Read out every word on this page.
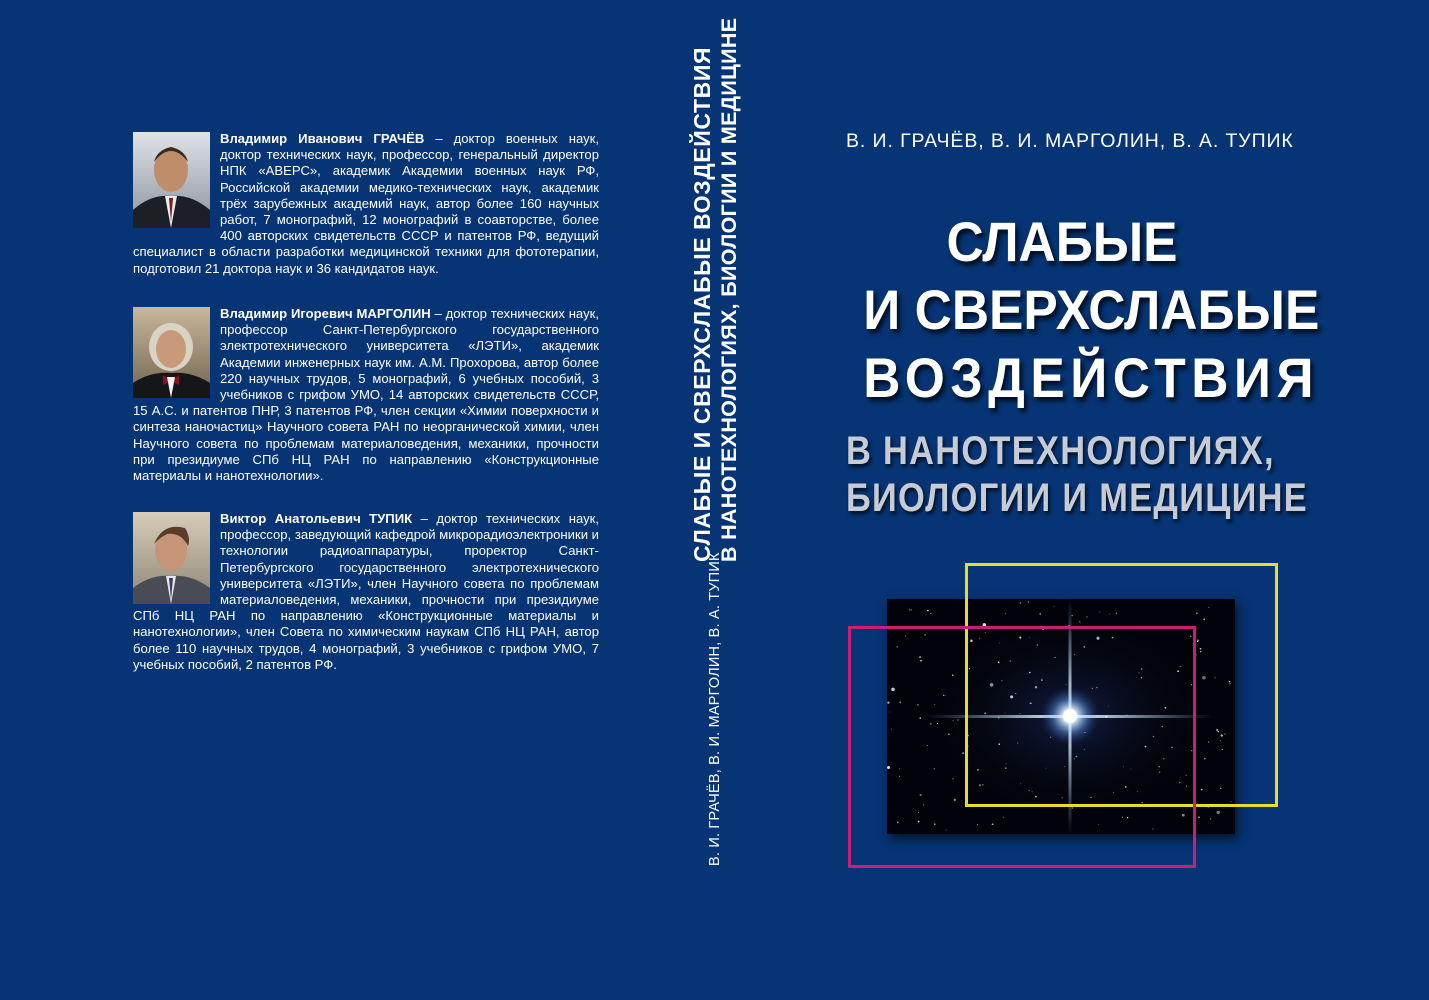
Владимир Иванович ГРАЧЁВ – доктор военных наук, доктор технических наук, профессор, генеральный директор НПК «АВЕРС», академик Академии военных наук РФ, Российской академии медико-технических наук, академик трёх зарубежных академий наук, автор более 160 научных работ, 7 монографий, 12 монографий в соавторстве, более 400 авторских свидетельств СССР и патентов РФ, ведущий специалист в области разработки медицинской техники для фототерапии, подготовил 21 доктора наук и 36 кандидатов наук.
Владимир Игоревич МАРГОЛИН – доктор технических наук, профессор Санкт-Петербургского государственного электротехнического университета «ЛЭТИ», академик Академии инженерных наук им. А.М. Прохорова, автор более 220 научных трудов, 5 монографий, 6 учебных пособий, 3 учебников с грифом УМО, 14 авторских свидетельств СССР, 15 А.С. и патентов ПНР, 3 патентов РФ, член секции «Химии поверхности и синтеза наночастиц» Научного совета РАН по неорганической химии, член Научного совета по проблемам материаловедения, механики, прочности при президиуме СПб НЦ РАН по направлению «Конструкционные материалы и нанотехнологии».
Виктор Анатольевич ТУПИК – доктор технических наук, профессор, заведующий кафедрой микрорадиоэлектроники и технологии радиоаппаратуры, проректор Санкт-Петербургского государственного электротехнического университета «ЛЭТИ», член Научного совета по проблемам материаловедения, механики, прочности при президиуме СПб НЦ РАН по направлению «Конструкционные материалы и нанотехнологии», член Совета по химическим наукам СПб НЦ РАН, автор более 110 научных трудов, 4 монографий, 3 учебников с грифом УМО, 7 учебных пособий, 2 патентов РФ.
СЛАБЫЕ И СВЕРХСЛАБЫЕ ВОЗДЕЙСТВИЯ В НАНОТЕХНОЛОГИЯХ, БИОЛОГИИ И МЕДИЦИНЕ
В. И. ГРАЧЁВ, В. И. МАРГОЛИН, В. А. ТУПИК
В. И. ГРАЧЁВ, В. И. МАРГОЛИН, В. А. ТУПИК
СЛАБЫЕ
И СВЕРХСЛАБЫЕ
ВОЗДЕЙСТВИЯ
В НАНОТЕХНОЛОГИЯХ,
БИОЛОГИИ И МЕДИЦИНЕ
